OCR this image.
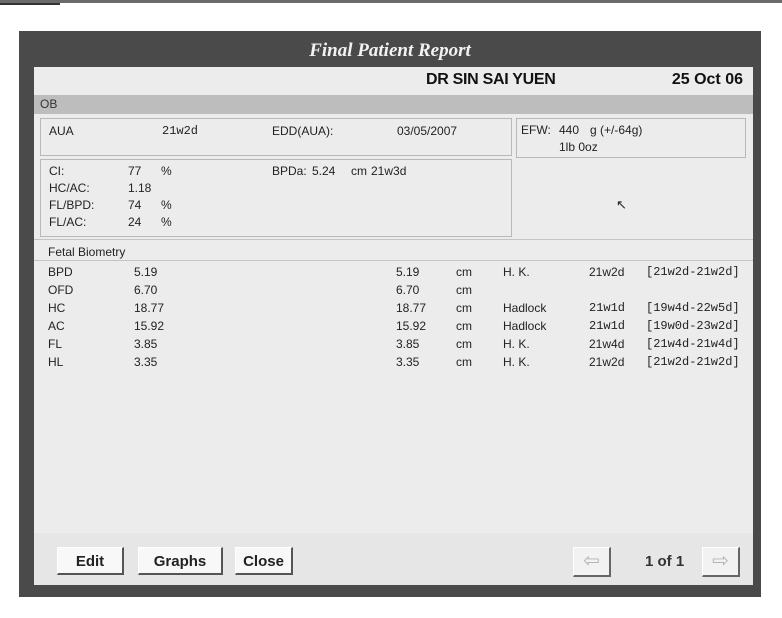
Final Patient Report
DR SIN SAI YUEN	25 Oct 06
OB
AUA	21w2d	EDD(AUA):	03/05/2007	EFW: 440 g (+/-64g)
1lb 0oz
CI:	77 %
HC/AC:	1.18
FL/BPD:	74 %
FL/AC:	24 %
BPDa: 5.24 cm 21w3d
↖
Fetal Biometry
BPD	5.19	5.19	cm	H. K.	21w2d [21w2d-21w2d]
OFD	6.70	6.70	cm
HC	18.77	18.77 cm	Hadlock	21w1d [19w4d-22w5d]
AC	15.92	15.92 cm	Hadlock	21w1d [19w0d-23w2d]
FL	3.85	3.85	cm	H. K.	21w4d [21w4d-21w4d]
HL	3.35	3.35	cm	H. K.	21w2d [21w2d-21w2d]
Edit	Graphs	Close	⇦	1 of 1	⇨
